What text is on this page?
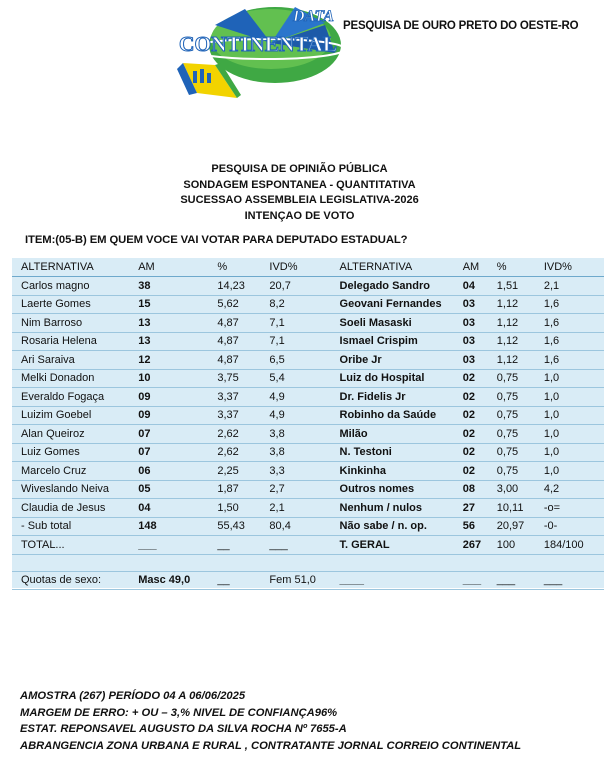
DATA
CONTINENTAL
PESQUISA DE OURO PRETO DO OESTE-RO
PESQUISA DE OPINIÃO PÚBLICA
SONDAGEM ESPONTANEA - QUANTITATIVA
SUCESSAO ASSEMBLEIA LEGISLATIVA-2026
INTENÇAO DE VOTO
ITEM:(05-B) EM QUEM VOCE VAI VOTAR PARA DEPUTADO ESTADUAL?
ALTERNATIVA	AM	%	IVD%	ALTERNATIVA	AM	%	IVD%
Carlos magno	38	14,23	20,7	Delegado Sandro	04	1,51	2,1
Laerte Gomes	15	5,62	8,2	Geovani Fernandes	03	1,12	1,6
Nim Barroso	13	4,87	7,1	Soeli Masaski	03	1,12	1,6
Rosaria Helena	13	4,87	7,1	Ismael Crispim	03	1,12	1,6
Ari Saraiva	12	4,87	6,5	Oribe Jr	03	1,12	1,6
Melki Donadon	10	3,75	5,4	Luiz do Hospital	02	0,75	1,0
Everaldo Fogaça	09	3,37	4,9	Dr. Fidelis Jr	02	0,75	1,0
Luizim Goebel	09	3,37	4,9	Robinho da Saúde	02	0,75	1,0
Alan Queiroz	07	2,62	3,8	Milão	02	0,75	1,0
Luiz Gomes	07	2,62	3,8	N. Testoni	02	0,75	1,0
Marcelo Cruz	06	2,25	3,3	Kinkinha	02	0,75	1,0
Wiveslando Neiva	05	1,87	2,7	Outros nomes	08	3,00	4,2
Claudia de Jesus	04	1,50	2,1	Nenhum / nulos	27	10,11	-o=
- Sub total	148	55,43	80,4	Não sabe / n. op.	56	20,97	-0-
TOTAL...	___	__	___	T. GERAL	267	100	184/100

Quotas de sexo:	Masc 49,0	__	Fem 51,0	____	___	___	___
AMOSTRA (267) PERÍODO 04 A 06/06/2025
MARGEM DE ERRO: + OU – 3,% NIVEL DE CONFIANÇA96%
ESTAT. REPONSAVEL AUGUSTO DA SILVA ROCHA Nº 7655-A
ABRANGENCIA ZONA URBANA E RURAL , CONTRATANTE JORNAL CORREIO CONTINENTAL
